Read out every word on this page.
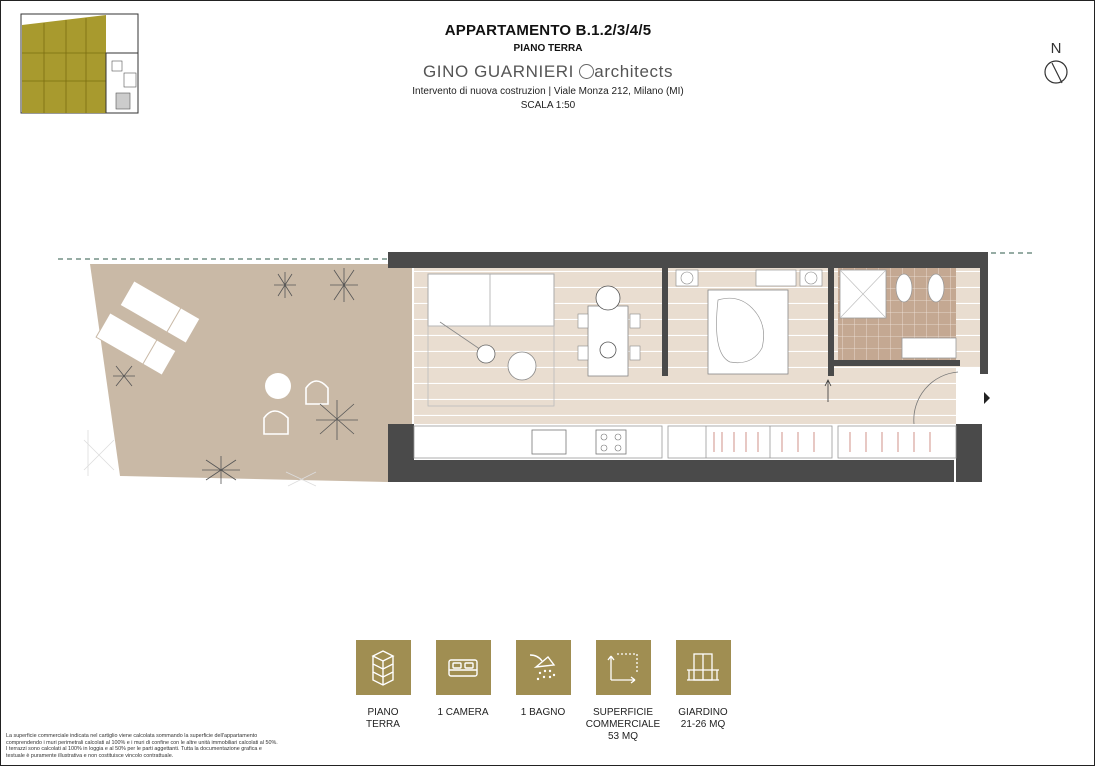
APPARTAMENTO B.1.2/3/4/5
PIANO TERRA
GINO GUARNIERI architects
Intervento di nuova costruzion | Viale Monza 212, Milano (MI)
SCALA 1:50
N
PIANO
TERRA
1 CAMERA	1 BAGNO	SUPERFICIE
COMMERCIALE
53 MQ
GIARDINO
21-26 MQ
La superficie commerciale indicata nel cartiglio viene calcolata sommando la superficie dell'appartamento
comprendendo i muri perimetrali calcolati al 100% e i muri di confine con le altre unità immobiliari calcolati al 50%.
I terrazzi sono calcolati al 100% in loggia e al 50% per le parti aggettanti. Tutta la documentazione grafica e
testuale è puramente illustrativa e non costituisce vincolo contrattuale.
